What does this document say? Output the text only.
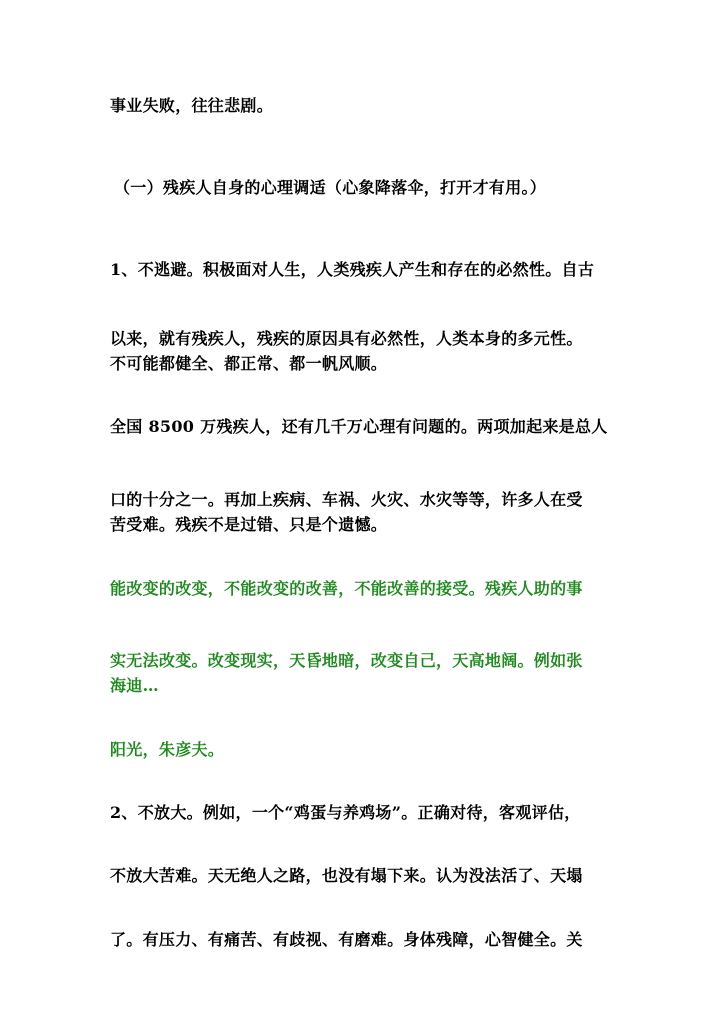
事业失败，往往悲剧。
（一）残疾人自身的心理调适（心象降落伞，打开才有用。）
1、不逃避。积极面对人生，人类残疾人产生和存在的必然性。自古
以来，就有残疾人，残疾的原因具有必然性，人类本身的多元性。
不可能都健全、都正常、都一帆风顺。
全国 8500 万残疾人，还有几千万心理有问题的。两项加起来是总人
口的十分之一。再加上疾病、车祸、火灾、水灾等等，许多人在受
苦受难。残疾不是过错、只是个遗憾。
能改变的改变，不能改变的改善，不能改善的接受。残疾人助的事
实无法改变。改变现实，天昏地暗，改变自己，天高地阔。例如张
海迪…
阳光，朱彦夫。
2、不放大。例如，一个“鸡蛋与养鸡场”。正确对待，客观评估，
不放大苦难。天无绝人之路，也没有塌下来。认为没法活了、天塌
了。有压力、有痛苦、有歧视、有磨难。身体残障，心智健全。关
